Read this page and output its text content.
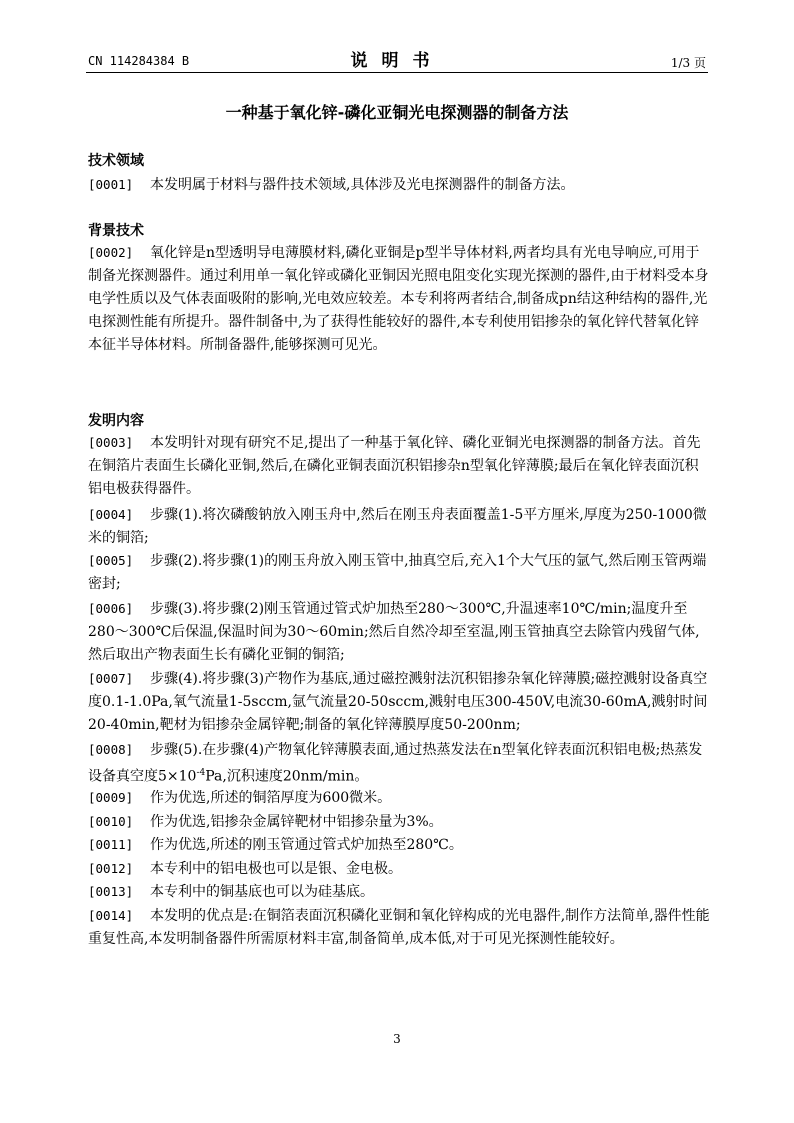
CN 114284384 B	说明书	1/3 页
一种基于氧化锌-磷化亚铜光电探测器的制备方法
技术领域
[0001] 本发明属于材料与器件技术领域,具体涉及光电探测器件的制备方法。
背景技术
[0002] 氧化锌是n型透明导电薄膜材料,磷化亚铜是p型半导体材料,两者均具有光电导响应,可用于制备光探测器件。通过利用单一氧化锌或磷化亚铜因光照电阻变化实现光探测的器件,由于材料受本身电学性质以及气体表面吸附的影响,光电效应较差。本专利将两者结合,制备成pn结这种结构的器件,光电探测性能有所提升。器件制备中,为了获得性能较好的器件,本专利使用铝掺杂的氧化锌代替氧化锌本征半导体材料。所制备器件,能够探测可见光。
发明内容
[0003] 本发明针对现有研究不足,提出了一种基于氧化锌、磷化亚铜光电探测器的制备方法。首先在铜箔片表面生长磷化亚铜,然后,在磷化亚铜表面沉积铝掺杂n型氧化锌薄膜;最后在氧化锌表面沉积铝电极获得器件。
[0004] 步骤(1).将次磷酸钠放入刚玉舟中,然后在刚玉舟表面覆盖1-5平方厘米,厚度为250-1000微米的铜箔;
[0005] 步骤(2).将步骤(1)的刚玉舟放入刚玉管中,抽真空后,充入1个大气压的氩气,然后刚玉管两端密封;
[0006] 步骤(3).将步骤(2)刚玉管通过管式炉加热至280～300℃,升温速率10℃/min;温度升至280～300℃后保温,保温时间为30～60min;然后自然冷却至室温,刚玉管抽真空去除管内残留气体,然后取出产物表面生长有磷化亚铜的铜箔;
[0007] 步骤(4).将步骤(3)产物作为基底,通过磁控溅射法沉积铝掺杂氧化锌薄膜;磁控溅射设备真空度0.1-1.0Pa,氧气流量1-5sccm,氩气流量20-50sccm,溅射电压300-450V,电流30-60mA,溅射时间20-40min,靶材为铝掺杂金属锌靶;制备的氧化锌薄膜厚度50-200nm;
[0008] 步骤(5).在步骤(4)产物氧化锌薄膜表面,通过热蒸发法在n型氧化锌表面沉积铝电极;热蒸发设备真空度$5\times 10^{-4}Pa$,沉积速度20nm/min。
[0009] 作为优选,所述的铜箔厚度为600微米。
[0010] 作为优选,铝掺杂金属锌靶材中铝掺杂量为3%。
[0011] 作为优选,所述的刚玉管通过管式炉加热至280℃。
[0012] 本专利中的铝电极也可以是银、金电极。
[0013] 本专利中的铜基底也可以为硅基底。
[0014] 本发明的优点是:在铜箔表面沉积磷化亚铜和氧化锌构成的光电器件,制作方法简单,器件性能重复性高,本发明制备器件所需原材料丰富,制备简单,成本低,对于可见光探测性能较好。
3
